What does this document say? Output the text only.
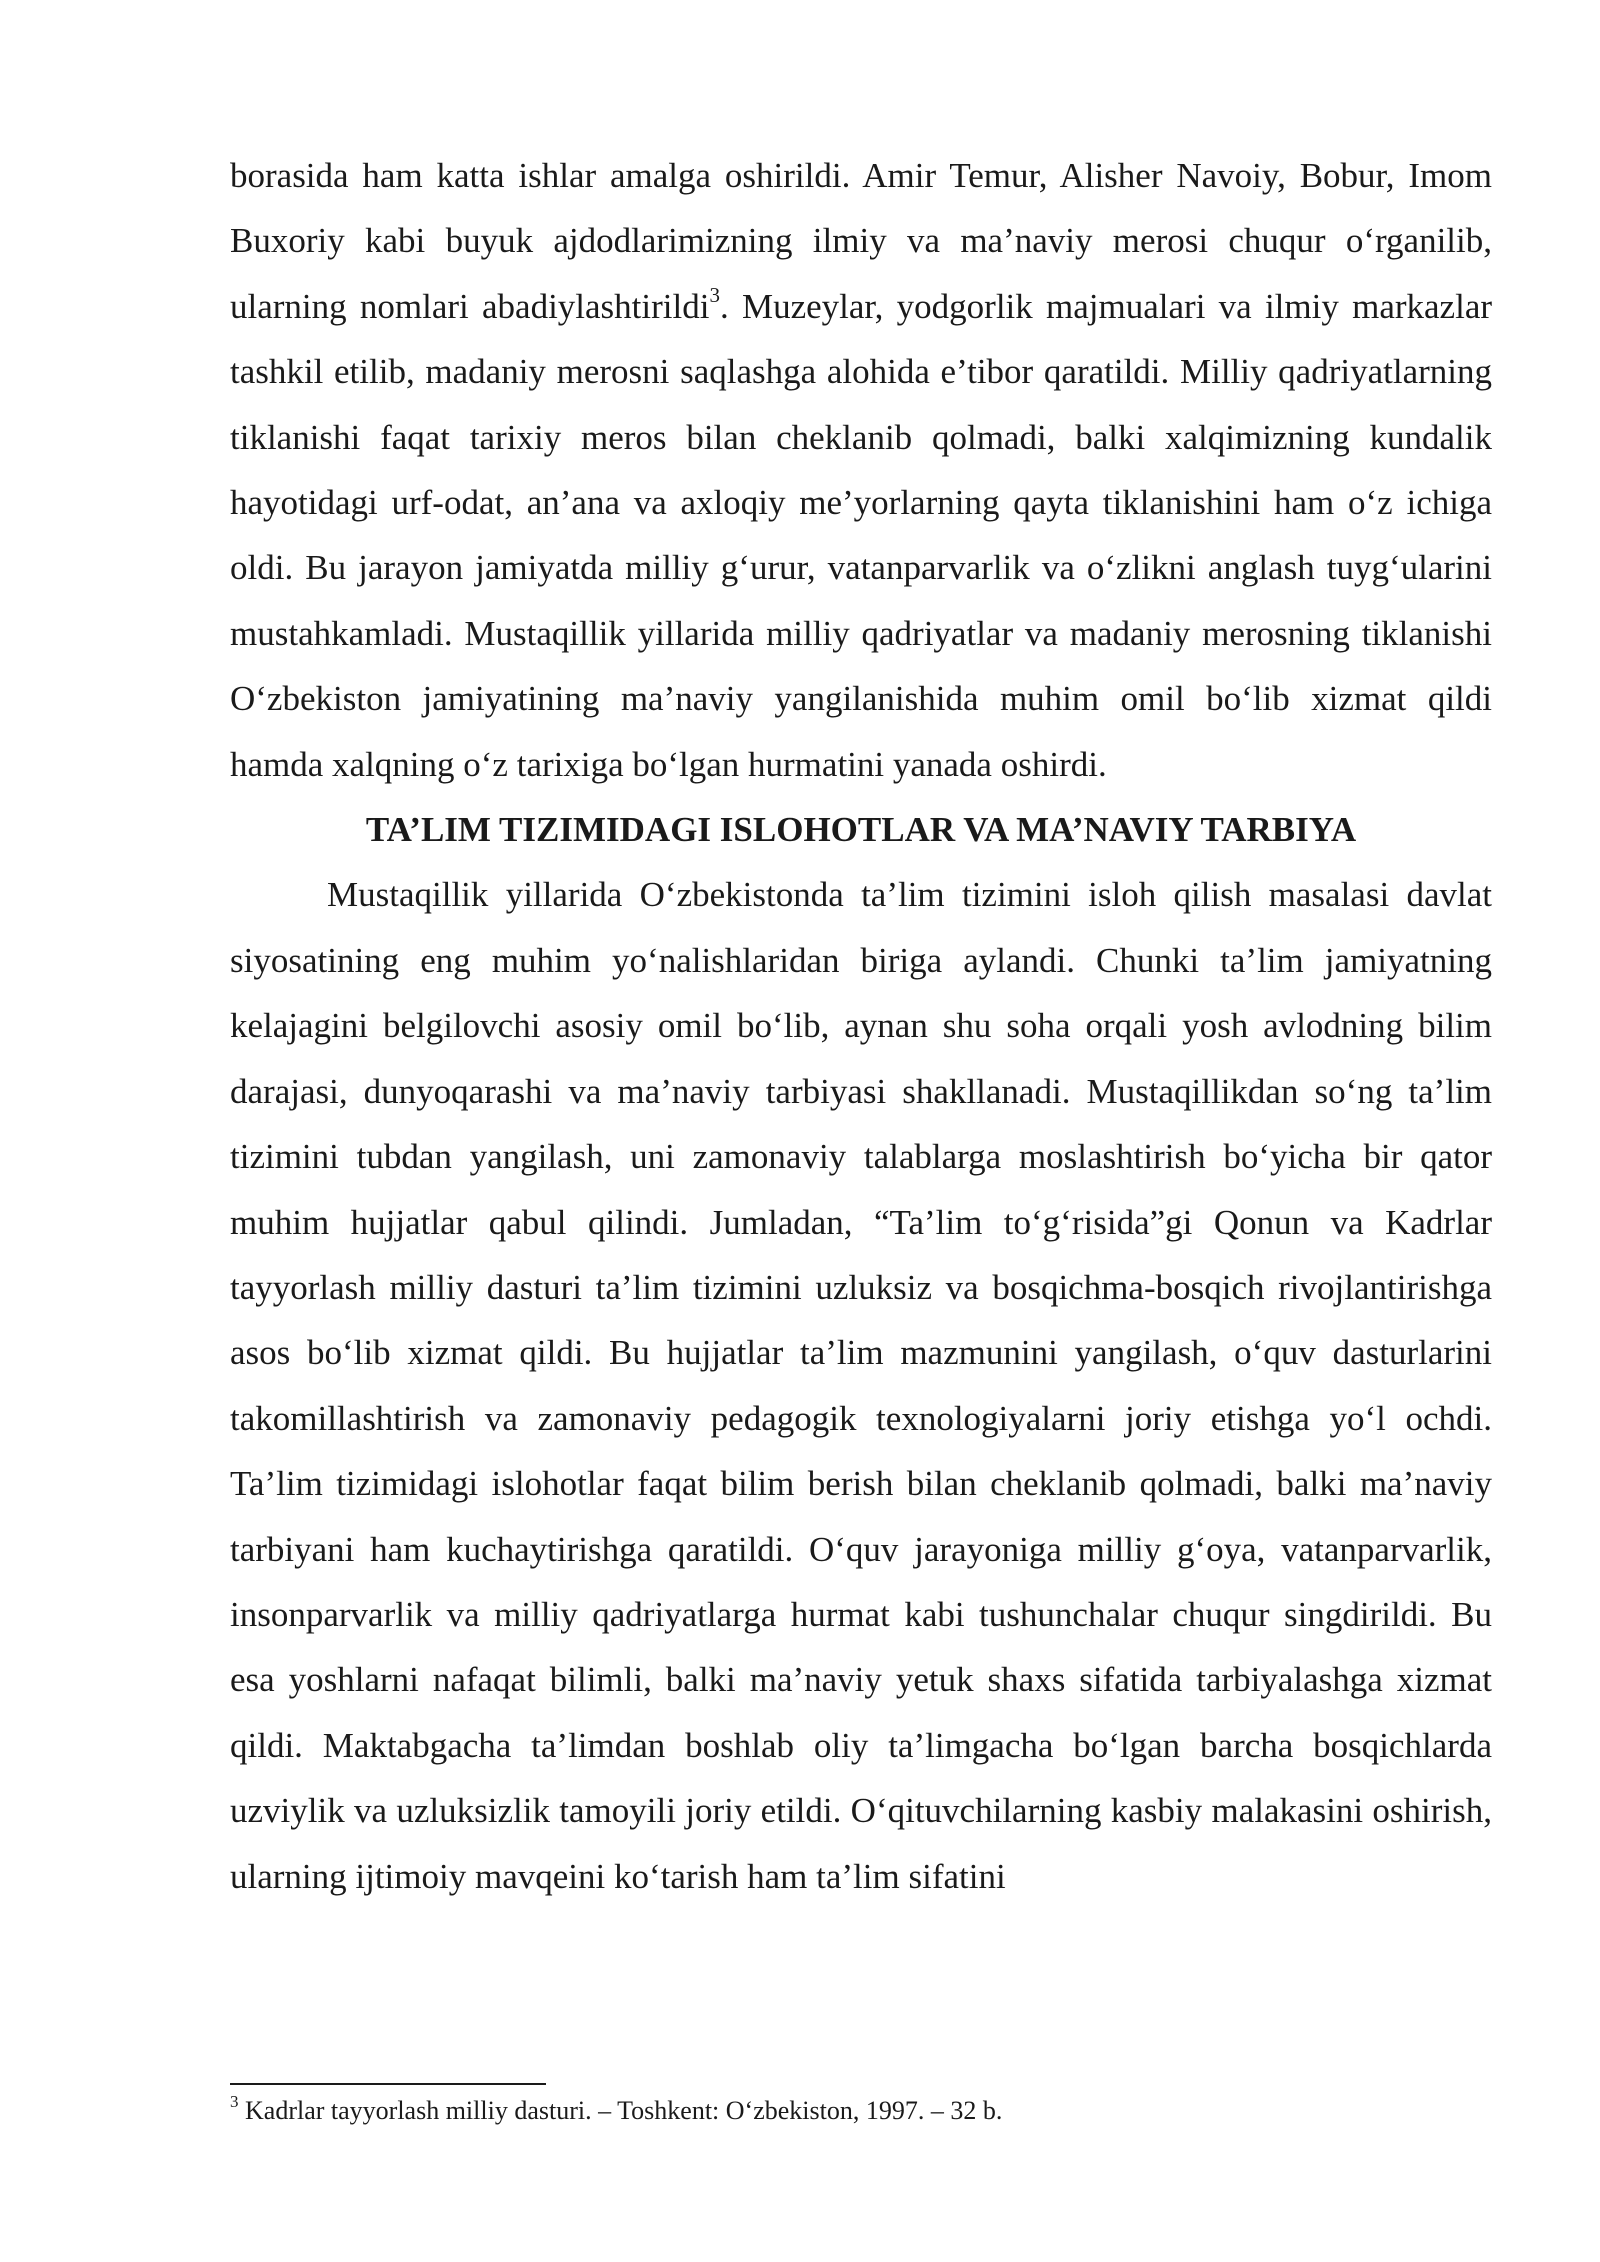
borasida ham katta ishlar amalga oshirildi. Amir Temur, Alisher Navoiy, Bobur, Imom Buxoriy kabi buyuk ajdodlarimizning ilmiy va ma’naviy merosi chuqur o‘rganilib, ularning nomlari abadiylashtirildi$^3$. Muzeylar, yodgorlik majmualari va ilmiy markazlar tashkil etilib, madaniy merosni saqlashga alohida e’tibor qaratildi. Milliy qadriyatlarning tiklanishi faqat tarixiy meros bilan cheklanib qolmadi, balki xalqimizning kundalik hayotidagi urf-odat, an’ana va axloqiy me’yorlarning qayta tiklanishini ham o‘z ichiga oldi. Bu jarayon jamiyatda milliy g‘urur, vatanparvarlik va o‘zlikni anglash tuyg‘ularini mustahkamladi. Mustaqillik yillarida milliy qadriyatlar va madaniy merosning tiklanishi O‘zbekiston jamiyatining ma’naviy yangilanishida muhim omil bo‘lib xizmat qildi hamda xalqning o‘z tarixiga bo‘lgan hurmatini yanada oshirdi.

TA’LIM TIZIMIDAGI ISLOHOTLAR VA MA’NAVIY TARBIYA

Mustaqillik yillarida O‘zbekistonda ta’lim tizimini isloh qilish masalasi davlat siyosatining eng muhim yo‘nalishlaridan biriga aylandi. Chunki ta’lim jamiyatning kelajagini belgilovchi asosiy omil bo‘lib, aynan shu soha orqali yosh avlodning bilim darajasi, dunyoqarashi va ma’naviy tarbiyasi shakllanadi. Mustaqillikdan so‘ng ta’lim tizimini tubdan yangilash, uni zamonaviy talablarga moslashtirish bo‘yicha bir qator muhim hujjatlar qabul qilindi. Jumladan, “Ta’lim to‘g‘risida”gi Qonun va Kadrlar tayyorlash milliy dasturi ta’lim tizimini uzluksiz va bosqichma-bosqich rivojlantirishga asos bo‘lib xizmat qildi. Bu hujjatlar ta’lim mazmunini yangilash, o‘quv dasturlarini takomillashtirish va zamonaviy pedagogik texnologiyalarni joriy etishga yo‘l ochdi. Ta’lim tizimidagi islohotlar faqat bilim berish bilan cheklanib qolmadi, balki ma’naviy tarbiyani ham kuchaytirishga qaratildi. O‘quv jarayoniga milliy g‘oya, vatanparvarlik, insonparvarlik va milliy qadriyatlarga hurmat kabi tushunchalar chuqur singdirildi. Bu esa yoshlarni nafaqat bilimli, balki ma’naviy yetuk shaxs sifatida tarbiyalashga xizmat qildi. Maktabgacha ta’limdan boshlab oliy ta’limgacha bo‘lgan barcha bosqichlarda uzviylik va uzluksizlik tamoyili joriy etildi. O‘qituvchilarning kasbiy malakasini oshirish, ularning ijtimoiy mavqeini ko‘tarish ham ta’lim sifatini

$^3$ Kadrlar tayyorlash milliy dasturi. – Toshkent: O‘zbekiston, 1997. – 32 b.
